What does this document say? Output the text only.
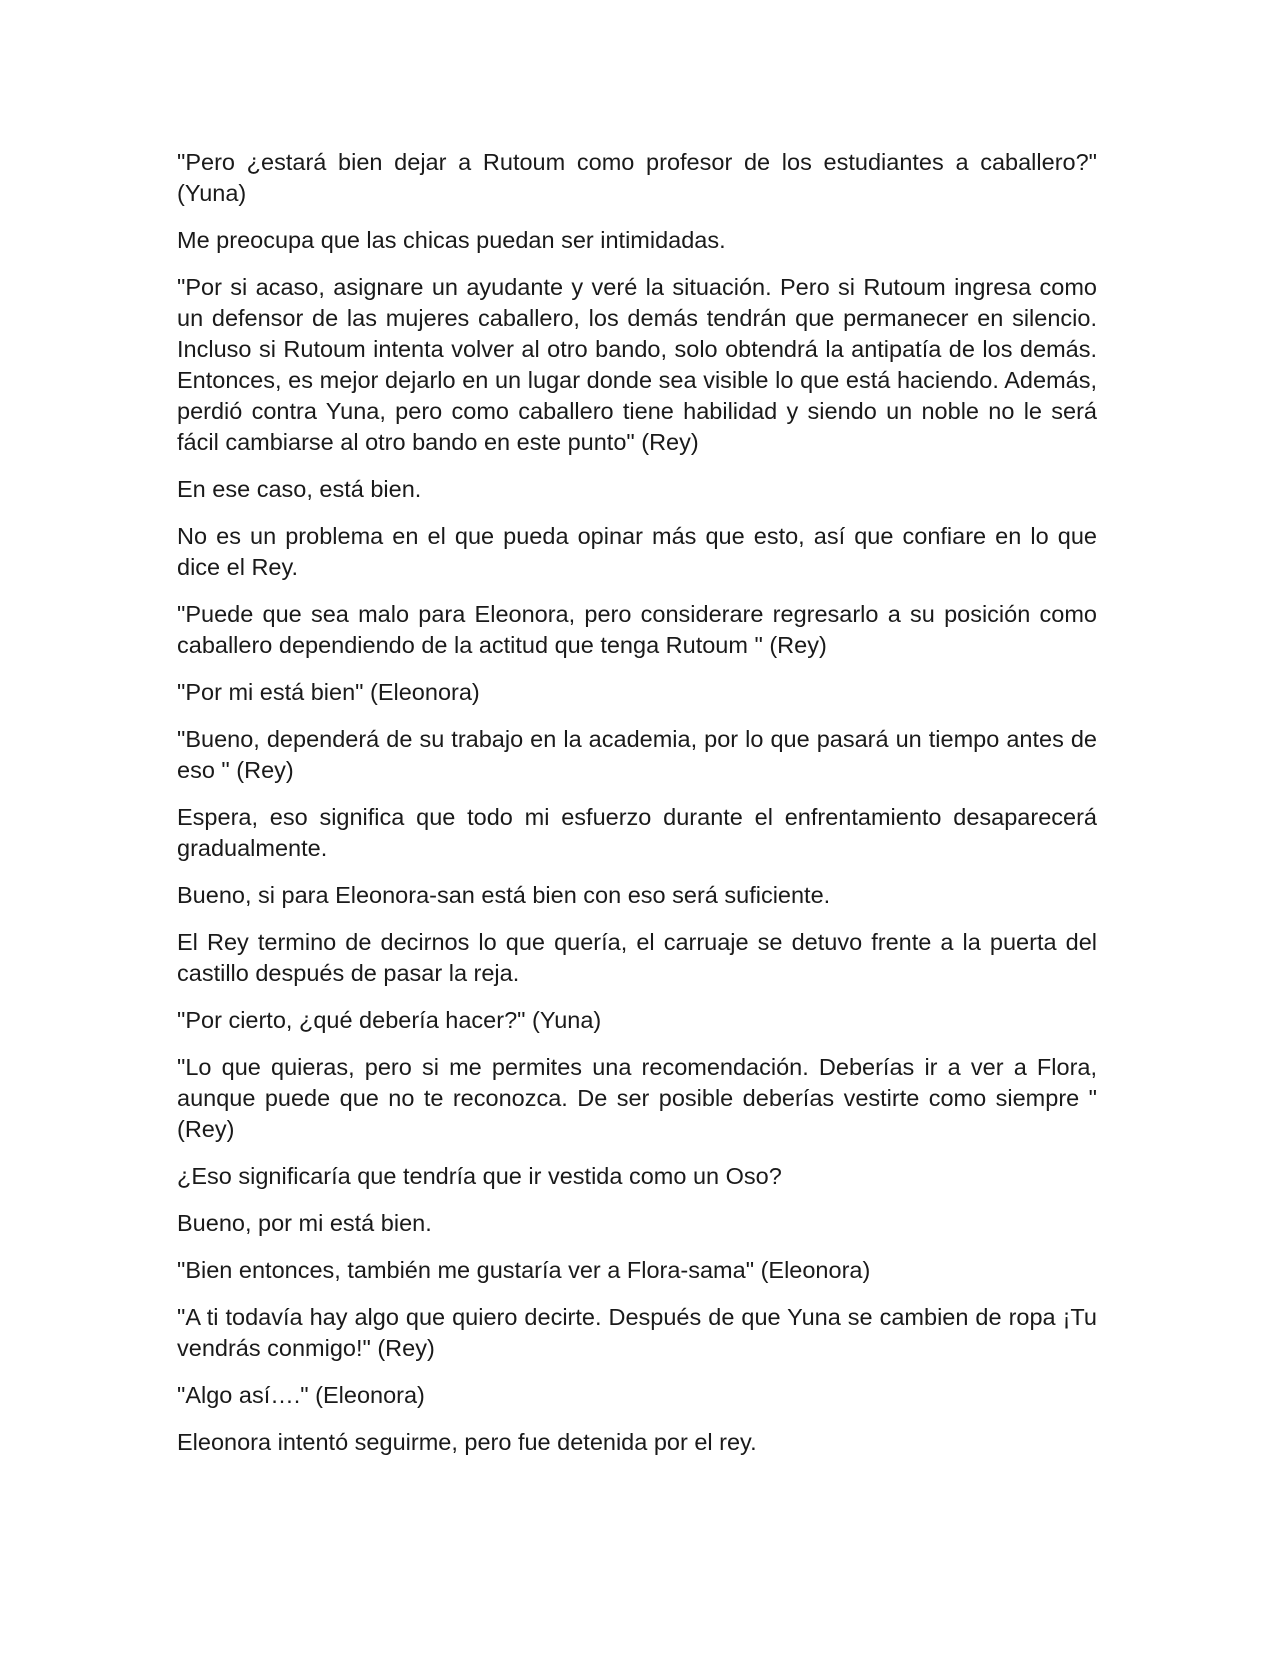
"Pero ¿estará bien dejar a Rutoum como profesor de los estudiantes a caballero?" (Yuna)

Me preocupa que las chicas puedan ser intimidadas.

"Por si acaso, asignare un ayudante y veré la situación. Pero si Rutoum ingresa como un defensor de las mujeres caballero, los demás tendrán que permanecer en silencio. Incluso si Rutoum intenta volver al otro bando, solo obtendrá la antipatía de los demás. Entonces, es mejor dejarlo en un lugar donde sea visible lo que está haciendo. Además, perdió contra Yuna, pero como caballero tiene habilidad y siendo un noble no le será fácil cambiarse al otro bando en este punto" (Rey)

En ese caso, está bien.

No es un problema en el que pueda opinar más que esto, así que confiare en lo que dice el Rey.

"Puede que sea malo para Eleonora, pero considerare regresarlo a su posición como caballero dependiendo de la actitud que tenga Rutoum " (Rey)

"Por mi está bien" (Eleonora)

"Bueno, dependerá de su trabajo en la academia, por lo que pasará un tiempo antes de eso " (Rey)

Espera, eso significa que todo mi esfuerzo durante el enfrentamiento desaparecerá gradualmente.

Bueno, si para Eleonora-san está bien con eso será suficiente.

El Rey termino de decirnos lo que quería, el carruaje se detuvo frente a la puerta del castillo después de pasar la reja.

"Por cierto, ¿qué debería hacer?" (Yuna)

"Lo que quieras, pero si me permites una recomendación. Deberías ir a ver a Flora, aunque puede que no te reconozca. De ser posible deberías vestirte como siempre " (Rey)

¿Eso significaría que tendría que ir vestida como un Oso?

Bueno, por mi está bien.

"Bien entonces, también me gustaría ver a Flora-sama" (Eleonora)

"A ti todavía hay algo que quiero decirte. Después de que Yuna se cambien de ropa ¡Tu vendrás conmigo!" (Rey)

"Algo así…." (Eleonora)

Eleonora intentó seguirme, pero fue detenida por el rey.
